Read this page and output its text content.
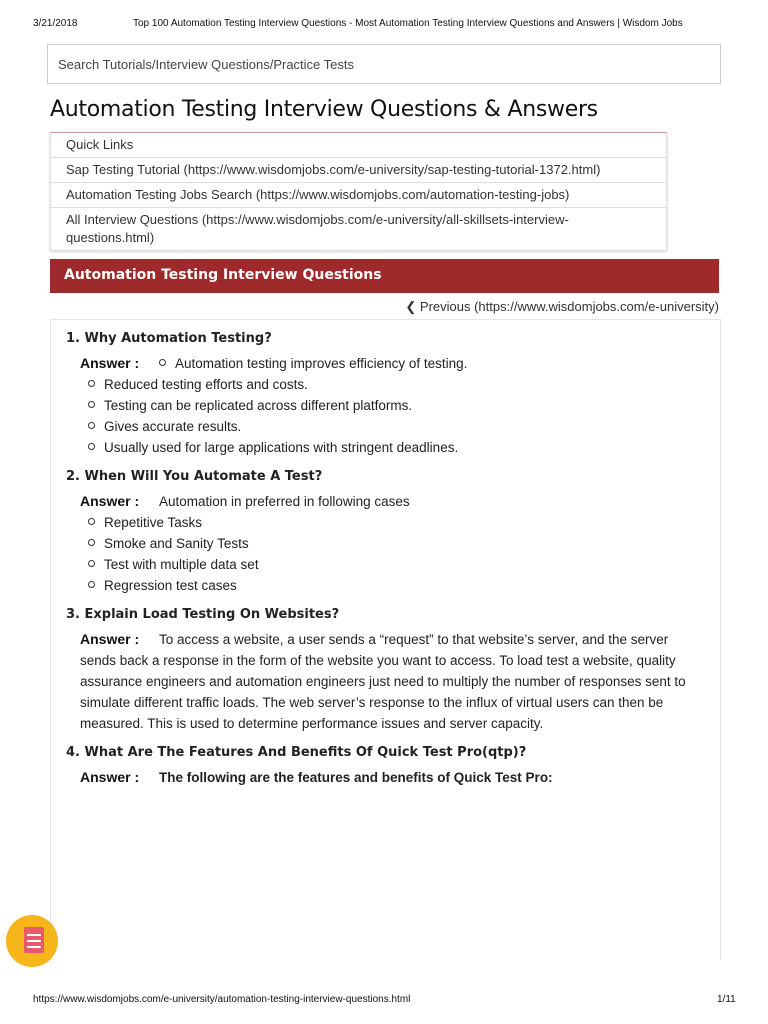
3/21/2018	Top 100 Automation Testing Interview Questions - Most Automation Testing Interview Questions and Answers | Wisdom Jobs
Search Tutorials/Interview Questions/Practice Tests
Automation Testing Interview Questions & Answers
Quick Links
Sap Testing Tutorial (https://www.wisdomjobs.com/e-university/sap-testing-tutorial-1372.html)
Automation Testing Jobs Search (https://www.wisdomjobs.com/automation-testing-jobs)
All Interview Questions (https://www.wisdomjobs.com/e-university/all-skillsets-interview-
questions.html)
Automation Testing Interview Questions
❮ Previous (https://www.wisdomjobs.com/e-university)
1. Why Automation Testing?
Answer :	Automation testing improves efficiency of testing.
Reduced testing efforts and costs.
Testing can be replicated across different platforms.
Gives accurate results.
Usually used for large applications with stringent deadlines.
2. When Will You Automate A Test?
Answer :	Automation in preferred in following cases
Repetitive Tasks
Smoke and Sanity Tests
Test with multiple data set
Regression test cases
3. Explain Load Testing On Websites?
Answer :	To access a website, a user sends a “request” to that website’s server, and the server
sends back a response in the form of the website you want to access. To load test a website, quality
assurance engineers and automation engineers just need to multiply the number of responses sent to
simulate different traffic loads. The web server’s response to the influx of virtual users can then be
measured. This is used to determine performance issues and server capacity.
4. What Are The Features And Benefits Of Quick Test Pro(qtp)?
Answer :	The following are the features and benefits of Quick Test Pro:
https://www.wisdomjobs.com/e-university/automation-testing-interview-questions.html	1/11
